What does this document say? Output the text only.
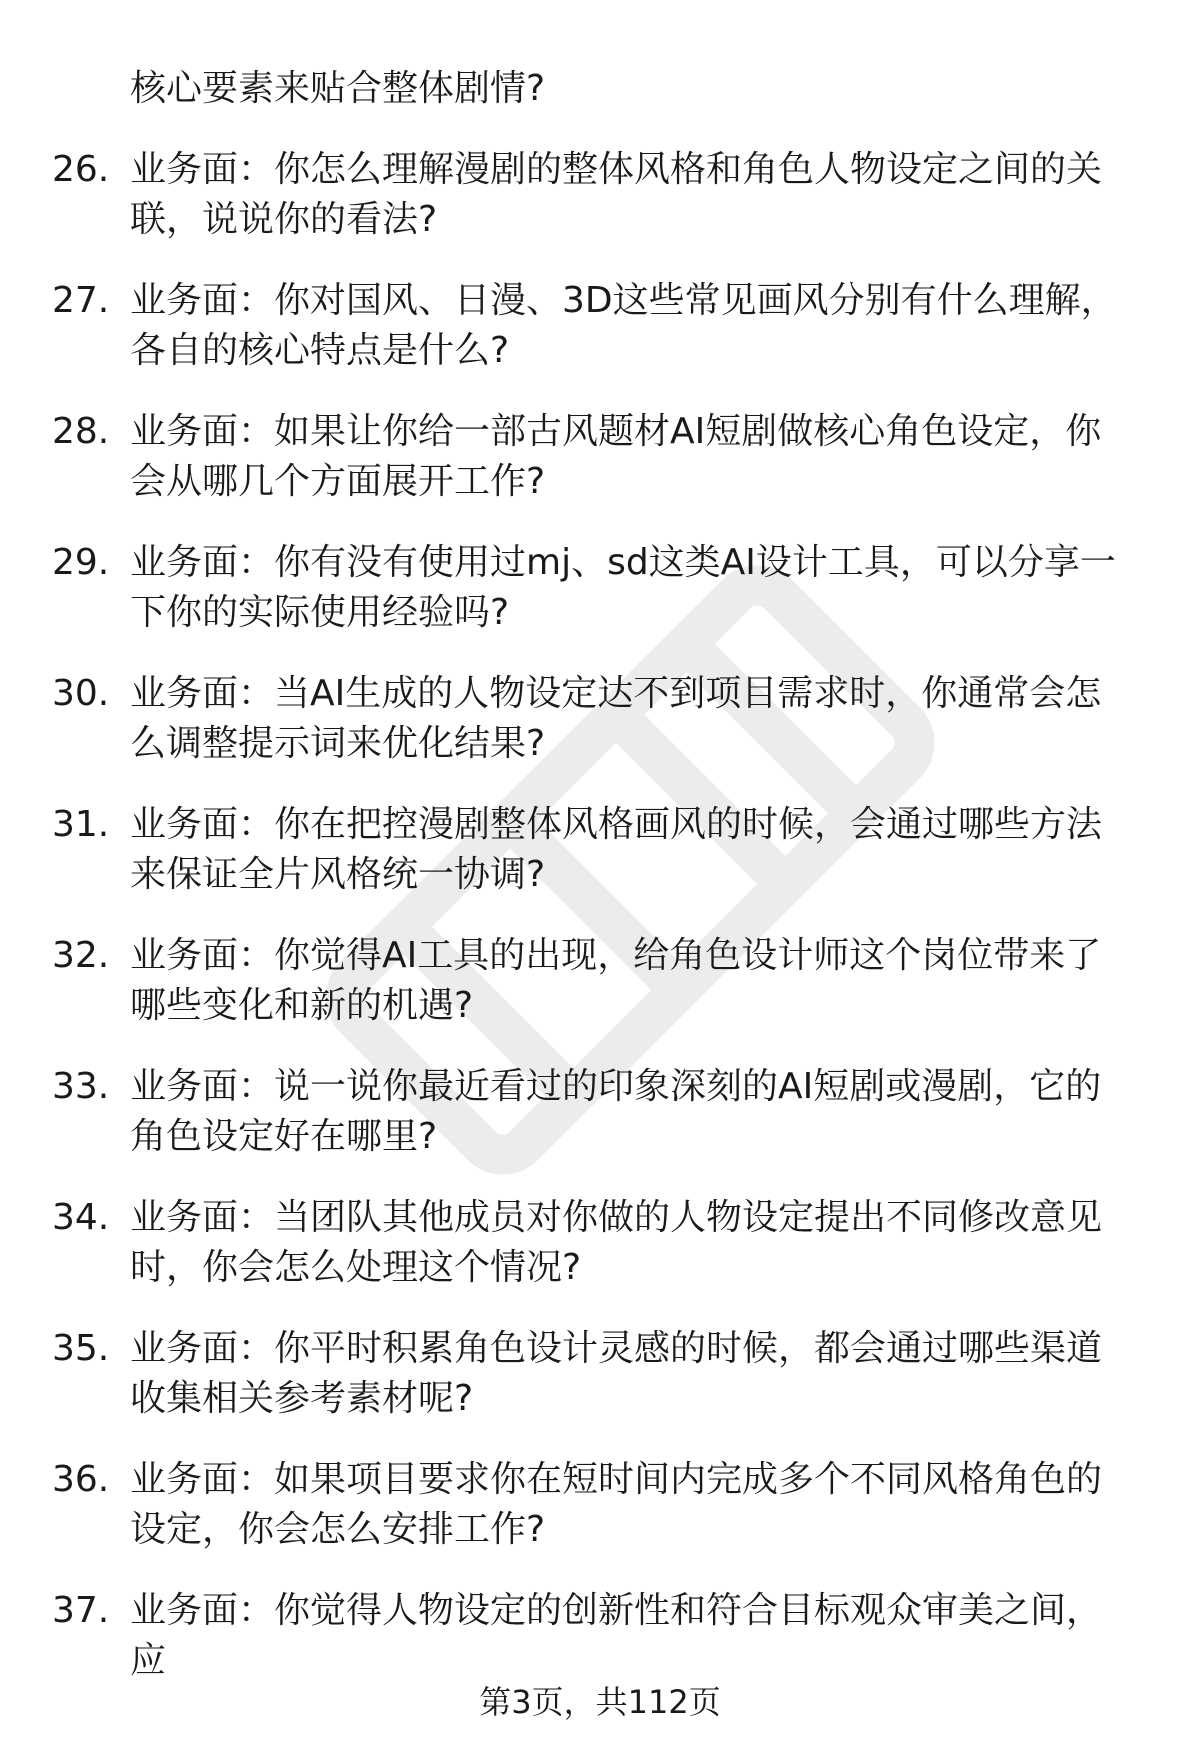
核心要素来贴合整体剧情?
26. 业务面：你怎么理解漫剧的整体风格和角色人物设定之间的关联，说说你的看法?
27. 业务面：你对国风、日漫、3D这些常见画风分别有什么理解，各自的核心特点是什么?
28. 业务面：如果让你给一部古风题材AI短剧做核心角色设定，你会从哪几个方面展开工作?
29. 业务面：你有没有使用过mj、sd这类AI设计工具，可以分享一下你的实际使用经验吗?
30. 业务面：当AI生成的人物设定达不到项目需求时，你通常会怎么调整提示词来优化结果?
31. 业务面：你在把控漫剧整体风格画风的时候，会通过哪些方法来保证全片风格统一协调?
32. 业务面：你觉得AI工具的出现，给角色设计师这个岗位带来了哪些变化和新的机遇?
33. 业务面：说一说你最近看过的印象深刻的AI短剧或漫剧，它的角色设定好在哪里?
34. 业务面：当团队其他成员对你做的人物设定提出不同修改意见时，你会怎么处理这个情况?
35. 业务面：你平时积累角色设计灵感的时候，都会通过哪些渠道收集相关参考素材呢?
36. 业务面：如果项目要求你在短时间内完成多个不同风格角色的设定，你会怎么安排工作?
37. 业务面：你觉得人物设定的创新性和符合目标观众审美之间，应
第3页，共112页
